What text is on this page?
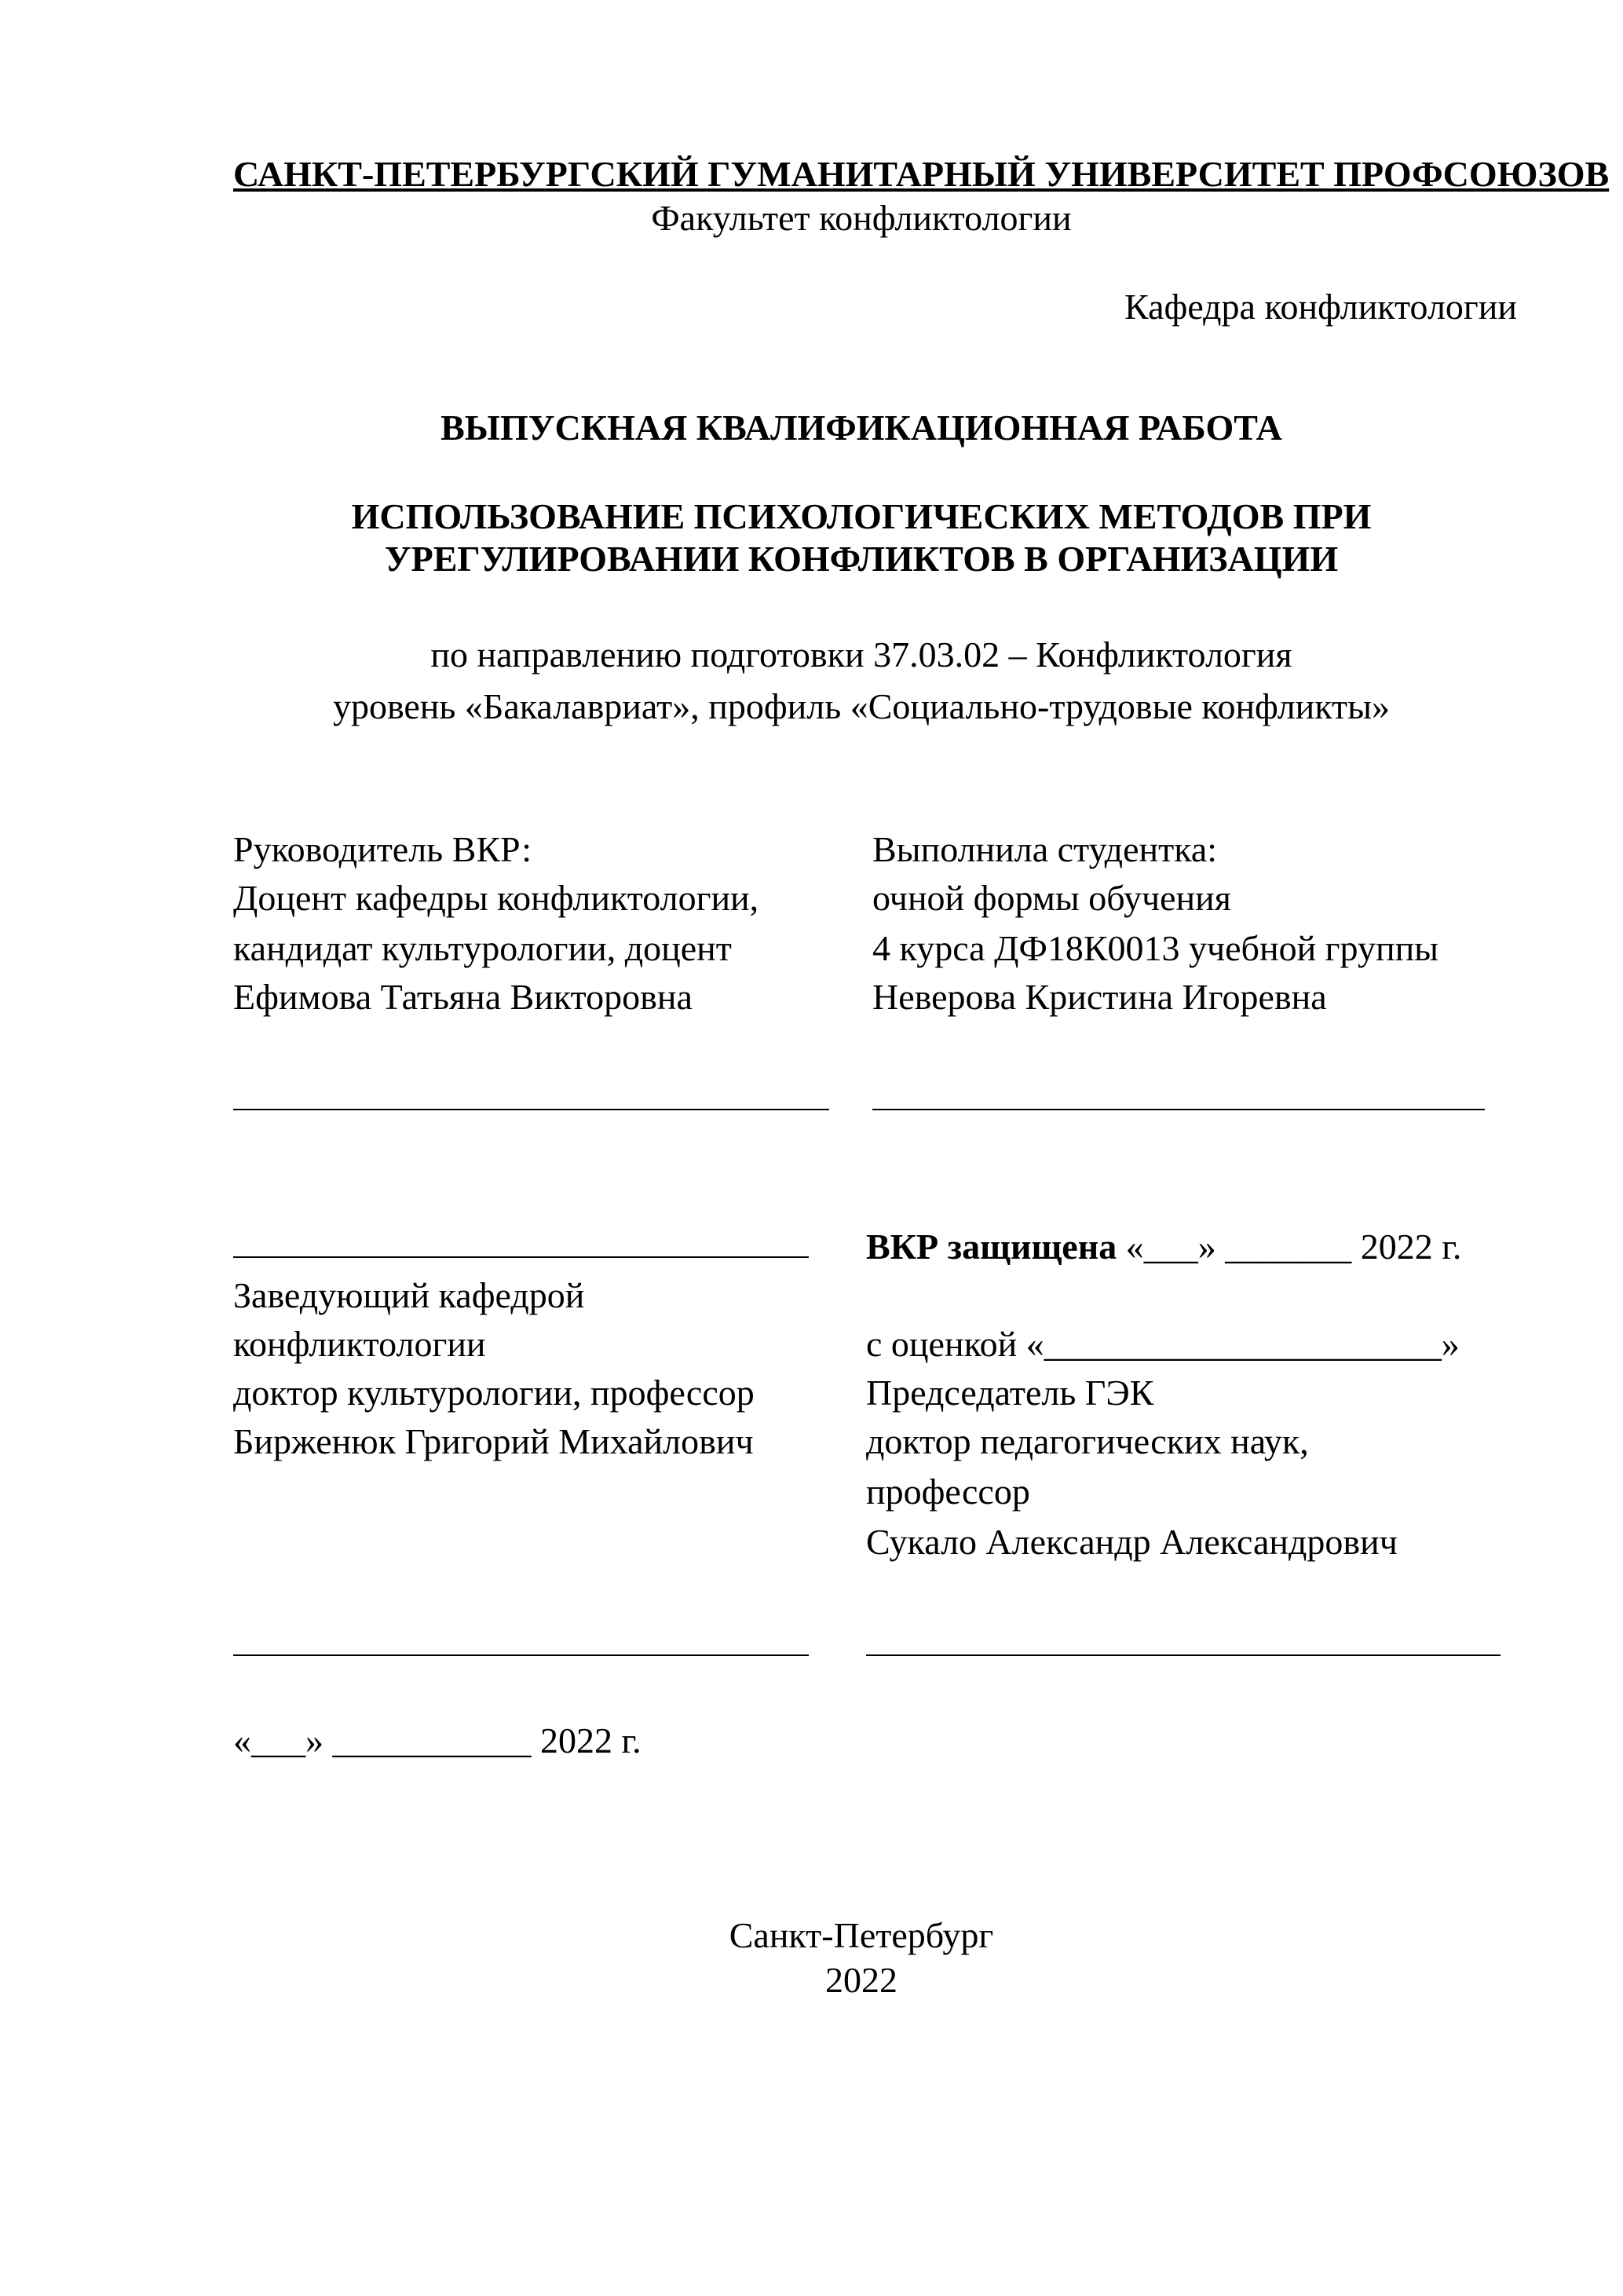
САНКТ-ПЕТЕРБУРГСКИЙ ГУМАНИТАРНЫЙ УНИВЕРСИТЕТ ПРОФСОЮЗОВ
Факультет конфликтологии
Кафедра конфликтологии
ВЫПУСКНАЯ КВАЛИФИКАЦИОННАЯ РАБОТА
ИСПОЛЬЗОВАНИЕ ПСИХОЛОГИЧЕСКИХ МЕТОДОВ ПРИ
УРЕГУЛИРОВАНИИ КОНФЛИКТОВ В ОРГАНИЗАЦИИ
по направлению подготовки 37.03.02 – Конфликтология
уровень «Бакалавриат», профиль «Социально-трудовые конфликты»
Руководитель ВКР:
Доцент кафедры конфликтологии,
кандидат культурологии, доцент
Ефимова Татьяна Викторовна
Выполнила студентка:
очной формы обучения
4 курса ДФ18К0013 учебной группы
Неверова Кристина Игоревна
ВКР защищена «___» _______ 2022 г.
Заведующий кафедрой
конфликтологии
доктор культурологии, профессор
Бирженюк Григорий Михайлович
с оценкой «______________________»
Председатель ГЭК
доктор педагогических наук,
профессор
Сукало Александр Александрович
«___» ___________ 2022 г.
Санкт-Петербург
2022
